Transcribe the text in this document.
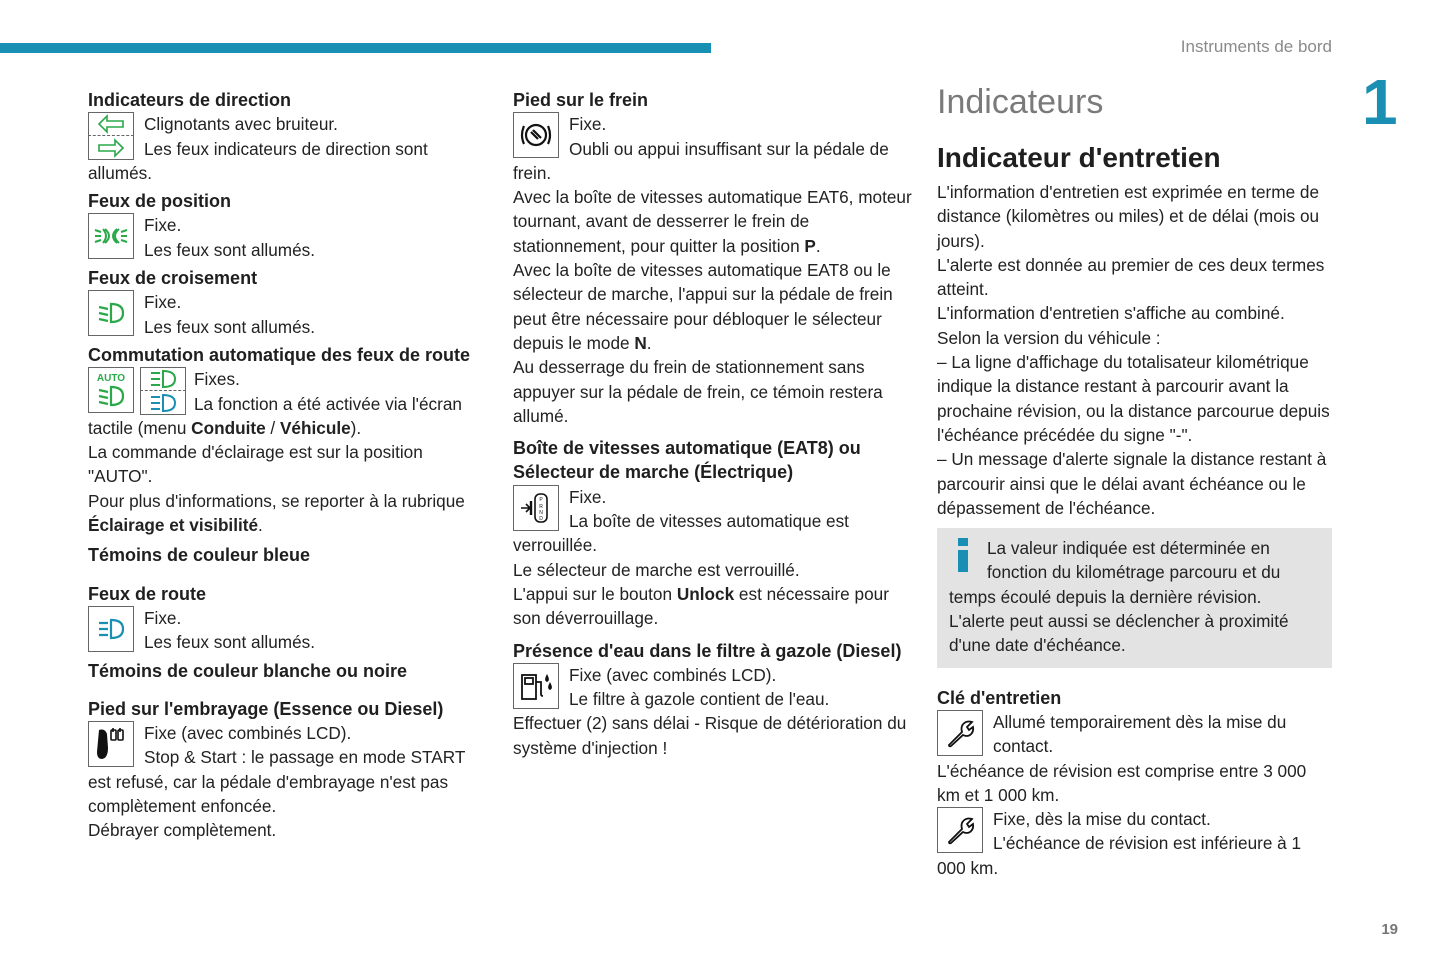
Instruments de bord
1
19
Indicateurs de direction

Clignotants avec bruiteur.

Les feux indicateurs de direction sont allumés.

Feux de position

Fixe.

Les feux sont allumés.

Feux de croisement

Fixe.

Les feux sont allumés.

Commutation automatique des feux de route
AUTO	Fixes.

La fonction a été activée via l'écran tactile (menu Conduite / Véhicule).

La commande d'éclairage est sur la position "AUTO".

Pour plus d'informations, se reporter à la rubrique Éclairage et visibilité.

Témoins de couleur bleue
Feux de route

Fixe.

Les feux sont allumés.

Témoins de couleur blanche ou noire
Pied sur l'embrayage (Essence ou Diesel)

Fixe (avec combinés LCD).

Stop & Start : le passage en mode START est refusé, car la pédale d'embrayage n'est pas complètement enfoncée.

Débrayer complètement.

Pied sur le frein

Fixe.

Oubli ou appui insuffisant sur la pédale de frein.

Avec la boîte de vitesses automatique EAT6, moteur tournant, avant de desserrer le frein de stationnement, pour quitter la position P.

Avec la boîte de vitesses automatique EAT8 ou le sélecteur de marche, l'appui sur la pédale de frein peut être nécessaire pour débloquer le sélecteur depuis le mode N.

Au desserrage du frein de stationnement sans appuyer sur la pédale de frein, ce témoin restera allumé.

Boîte de vitesses automatique (EAT8) ou Sélecteur de marche (Électrique)
P
R
N
D

Fixe.

La boîte de vitesses automatique est verrouillée.

Le sélecteur de marche est verrouillé.

L'appui sur le bouton Unlock est nécessaire pour son déverrouillage.

Présence d'eau dans le filtre à gazole (Diesel)

Fixe (avec combinés LCD).

Le filtre à gazole contient de l'eau.

Effectuer (2) sans délai - Risque de détérioration du système d'injection !

Indicateurs
Indicateur d'entretien

L'information d'entretien est exprimée en terme de distance (kilomètres ou miles) et de délai (mois ou jours).

L'alerte est donnée au premier de ces deux termes atteint.

L'information d'entretien s'affiche au combiné.

Selon la version du véhicule :

– La ligne d'affichage du totalisateur kilométrique indique la distance restant à parcourir avant la prochaine révision, ou la distance parcourue depuis l'échéance précédée du signe "-".

– Un message d'alerte signale la distance restant à parcourir ainsi que le délai avant échéance ou le dépassement de l'échéance.

La valeur indiquée est déterminée en fonction du kilométrage parcouru et du temps écoulé depuis la dernière révision.

L'alerte peut aussi se déclencher à proximité d'une date d'échéance.

Clé d'entretien

Allumé temporairement dès la mise du contact.

L'échéance de révision est comprise entre 3 000 km et 1 000 km.

Fixe, dès la mise du contact.

L'échéance de révision est inférieure à 1 000 km.
